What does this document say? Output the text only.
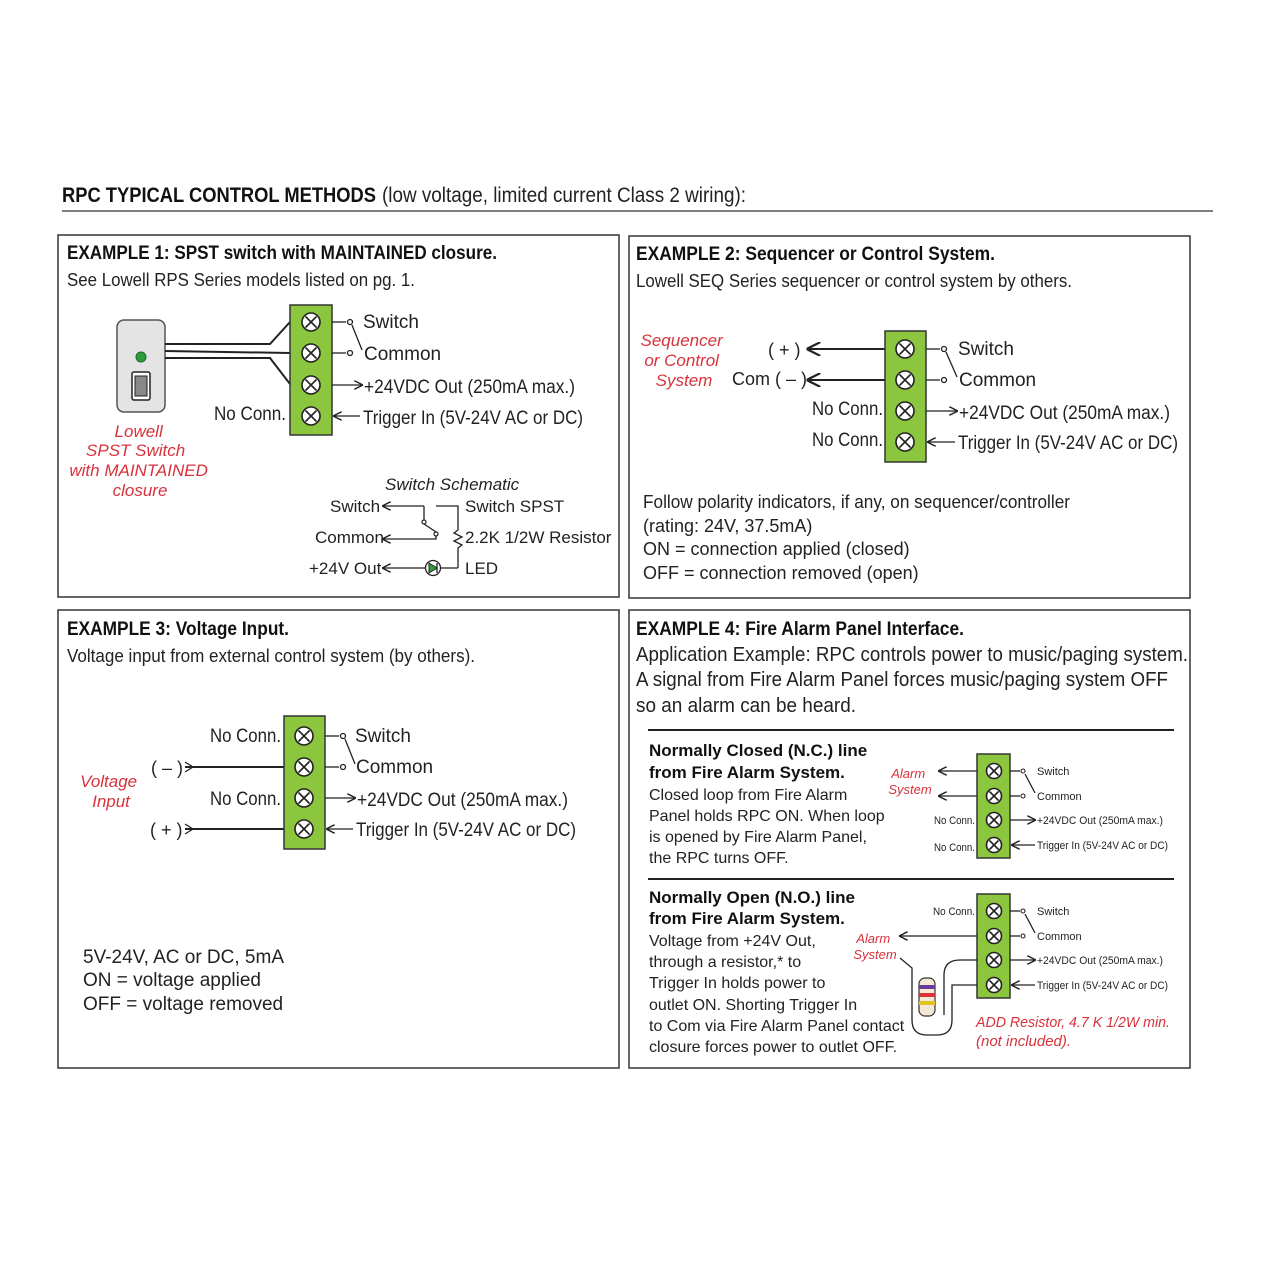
RPC TYPICAL CONTROL METHODS (low voltage, limited current Class 2 wiring):
EXAMPLE 1: SPST switch with MAINTAINED closure.
See Lowell RPS Series models listed on pg. 1.
Lowell SPST Switch with MAINTAINED closure
Switch
Common
+24VDC Out (250mA max.)
Trigger In (5V-24V AC or DC)
No Conn.
Switch Schematic
Switch
Common
+24V Out
Switch SPST
2.2K 1/2W Resistor
LED
EXAMPLE 2: Sequencer or Control System.
Lowell SEQ Series sequencer or control system by others.
Sequencer or Control System
( + )
Com ( – )
Switch
Common
+24VDC Out (250mA max.)
Trigger In (5V-24V AC or DC)
No Conn.
No Conn.
Follow polarity indicators, if any, on sequencer/controller
(rating: 24V, 37.5mA)
ON = connection applied (closed)
OFF = connection removed (open)
EXAMPLE 3: Voltage Input.
Voltage input from external control system (by others).
Voltage Input
( – )
( + )
Switch
Common
+24VDC Out (250mA max.)
Trigger In (5V-24V AC or DC)
No Conn.
No Conn.
5V-24V, AC or DC, 5mA
ON = voltage applied
OFF = voltage removed
EXAMPLE 4: Fire Alarm Panel Interface.
Application Example: RPC controls power to music/paging system.
A signal from Fire Alarm Panel forces music/paging system OFF
so an alarm can be heard.
Normally Closed (N.C.) line
from Fire Alarm System.
Closed loop from Fire Alarm
Panel holds RPC ON. When loop
is opened by Fire Alarm Panel,
the RPC turns OFF.
Alarm System
Switch
Common
+24VDC Out (250mA max.)
Trigger In (5V-24V AC or DC)
No Conn.
No Conn.
Normally Open (N.O.) line
from Fire Alarm System.
Voltage from +24V Out,
through a resistor,* to
Trigger In holds power to
outlet ON. Shorting Trigger In
to Com via Fire Alarm Panel contact
closure forces power to outlet OFF.
Alarm System
Switch
Common
+24VDC Out (250mA max.)
Trigger In (5V-24V AC or DC)
No Conn.
ADD Resistor, 4.7 K 1/2W min.
(not included).
